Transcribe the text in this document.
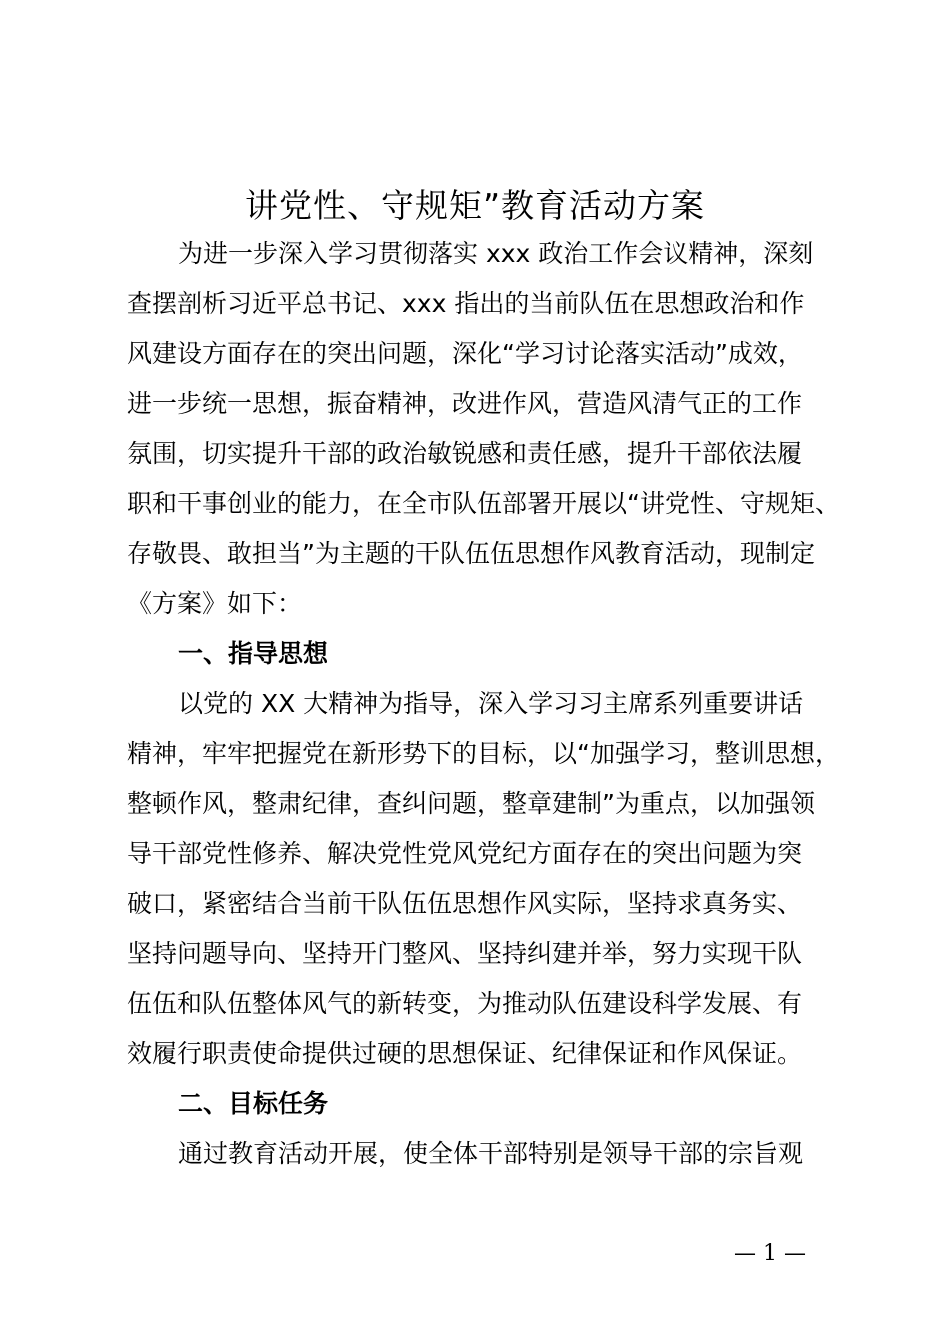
讲党性、守规矩”教育活动方案
为进一步深入学习贯彻落实 xxx 政治工作会议精神，深刻
查摆剖析习近平总书记、xxx 指出的当前队伍在思想政治和作
风建设方面存在的突出问题，深化“学习讨论落实活动”成效，
进一步统一思想，振奋精神，改进作风，营造风清气正的工作
氛围，切实提升干部的政治敏锐感和责任感，提升干部依法履
职和干事创业的能力，在全市队伍部署开展以“讲党性、守规矩、
存敬畏、敢担当”为主题的干队伍伍思想作风教育活动，现制定
《方案》如下：
一、指导思想
以党的 XX 大精神为指导，深入学习习主席系列重要讲话
精神，牢牢把握党在新形势下的目标，以“加强学习，整训思想，
整顿作风，整肃纪律，查纠问题，整章建制”为重点，以加强领
导干部党性修养、解决党性党风党纪方面存在的突出问题为突
破口，紧密结合当前干队伍伍思想作风实际，坚持求真务实、
坚持问题导向、坚持开门整风、坚持纠建并举，努力实现干队
伍伍和队伍整体风气的新转变，为推动队伍建设科学发展、有
效履行职责使命提供过硬的思想保证、纪律保证和作风保证。
二、目标任务
通过教育活动开展，使全体干部特别是领导干部的宗旨观
— 1 —
